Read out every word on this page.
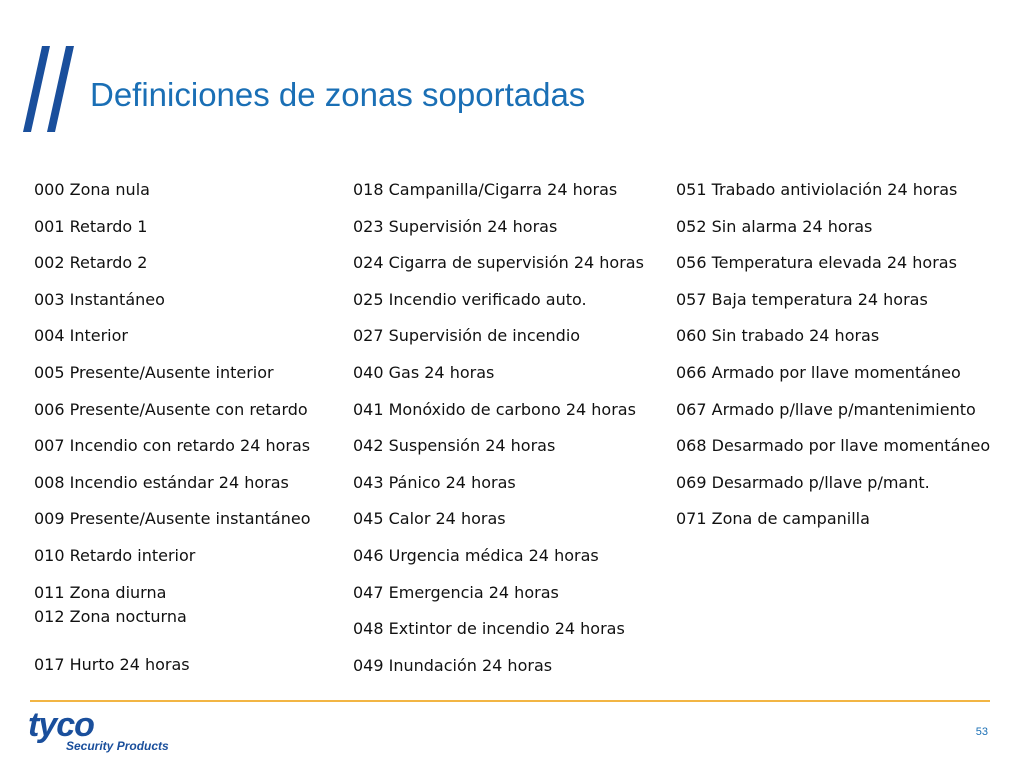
Definiciones de zonas soportadas
000 Zona nula
001 Retardo 1
002 Retardo 2
003 Instantáneo
004 Interior
005 Presente/Ausente interior
006 Presente/Ausente con retardo
007 Incendio con retardo 24 horas
008 Incendio estándar 24 horas
009 Presente/Ausente instantáneo
010 Retardo interior
011 Zona diurna
012 Zona nocturna
017 Hurto 24 horas
018 Campanilla/Cigarra 24 horas
023 Supervisión 24 horas
024 Cigarra de supervisión 24 horas
025 Incendio verificado auto.
027 Supervisión de incendio
040 Gas 24 horas
041 Monóxido de carbono 24 horas
042 Suspensión 24 horas
043 Pánico 24 horas
045 Calor 24 horas
046 Urgencia médica 24 horas
047 Emergencia 24 horas
048 Extintor de incendio 24 horas
049 Inundación 24 horas
051 Trabado antiviolación 24 horas
052 Sin alarma 24 horas
056 Temperatura elevada 24 horas
057 Baja temperatura 24 horas
060 Sin trabado 24 horas
066 Armado por llave momentáneo
067 Armado p/llave p/mantenimiento
068 Desarmado por llave momentáneo
069 Desarmado p/llave p/mant.
071 Zona de campanilla
tyco
Security Products
53
